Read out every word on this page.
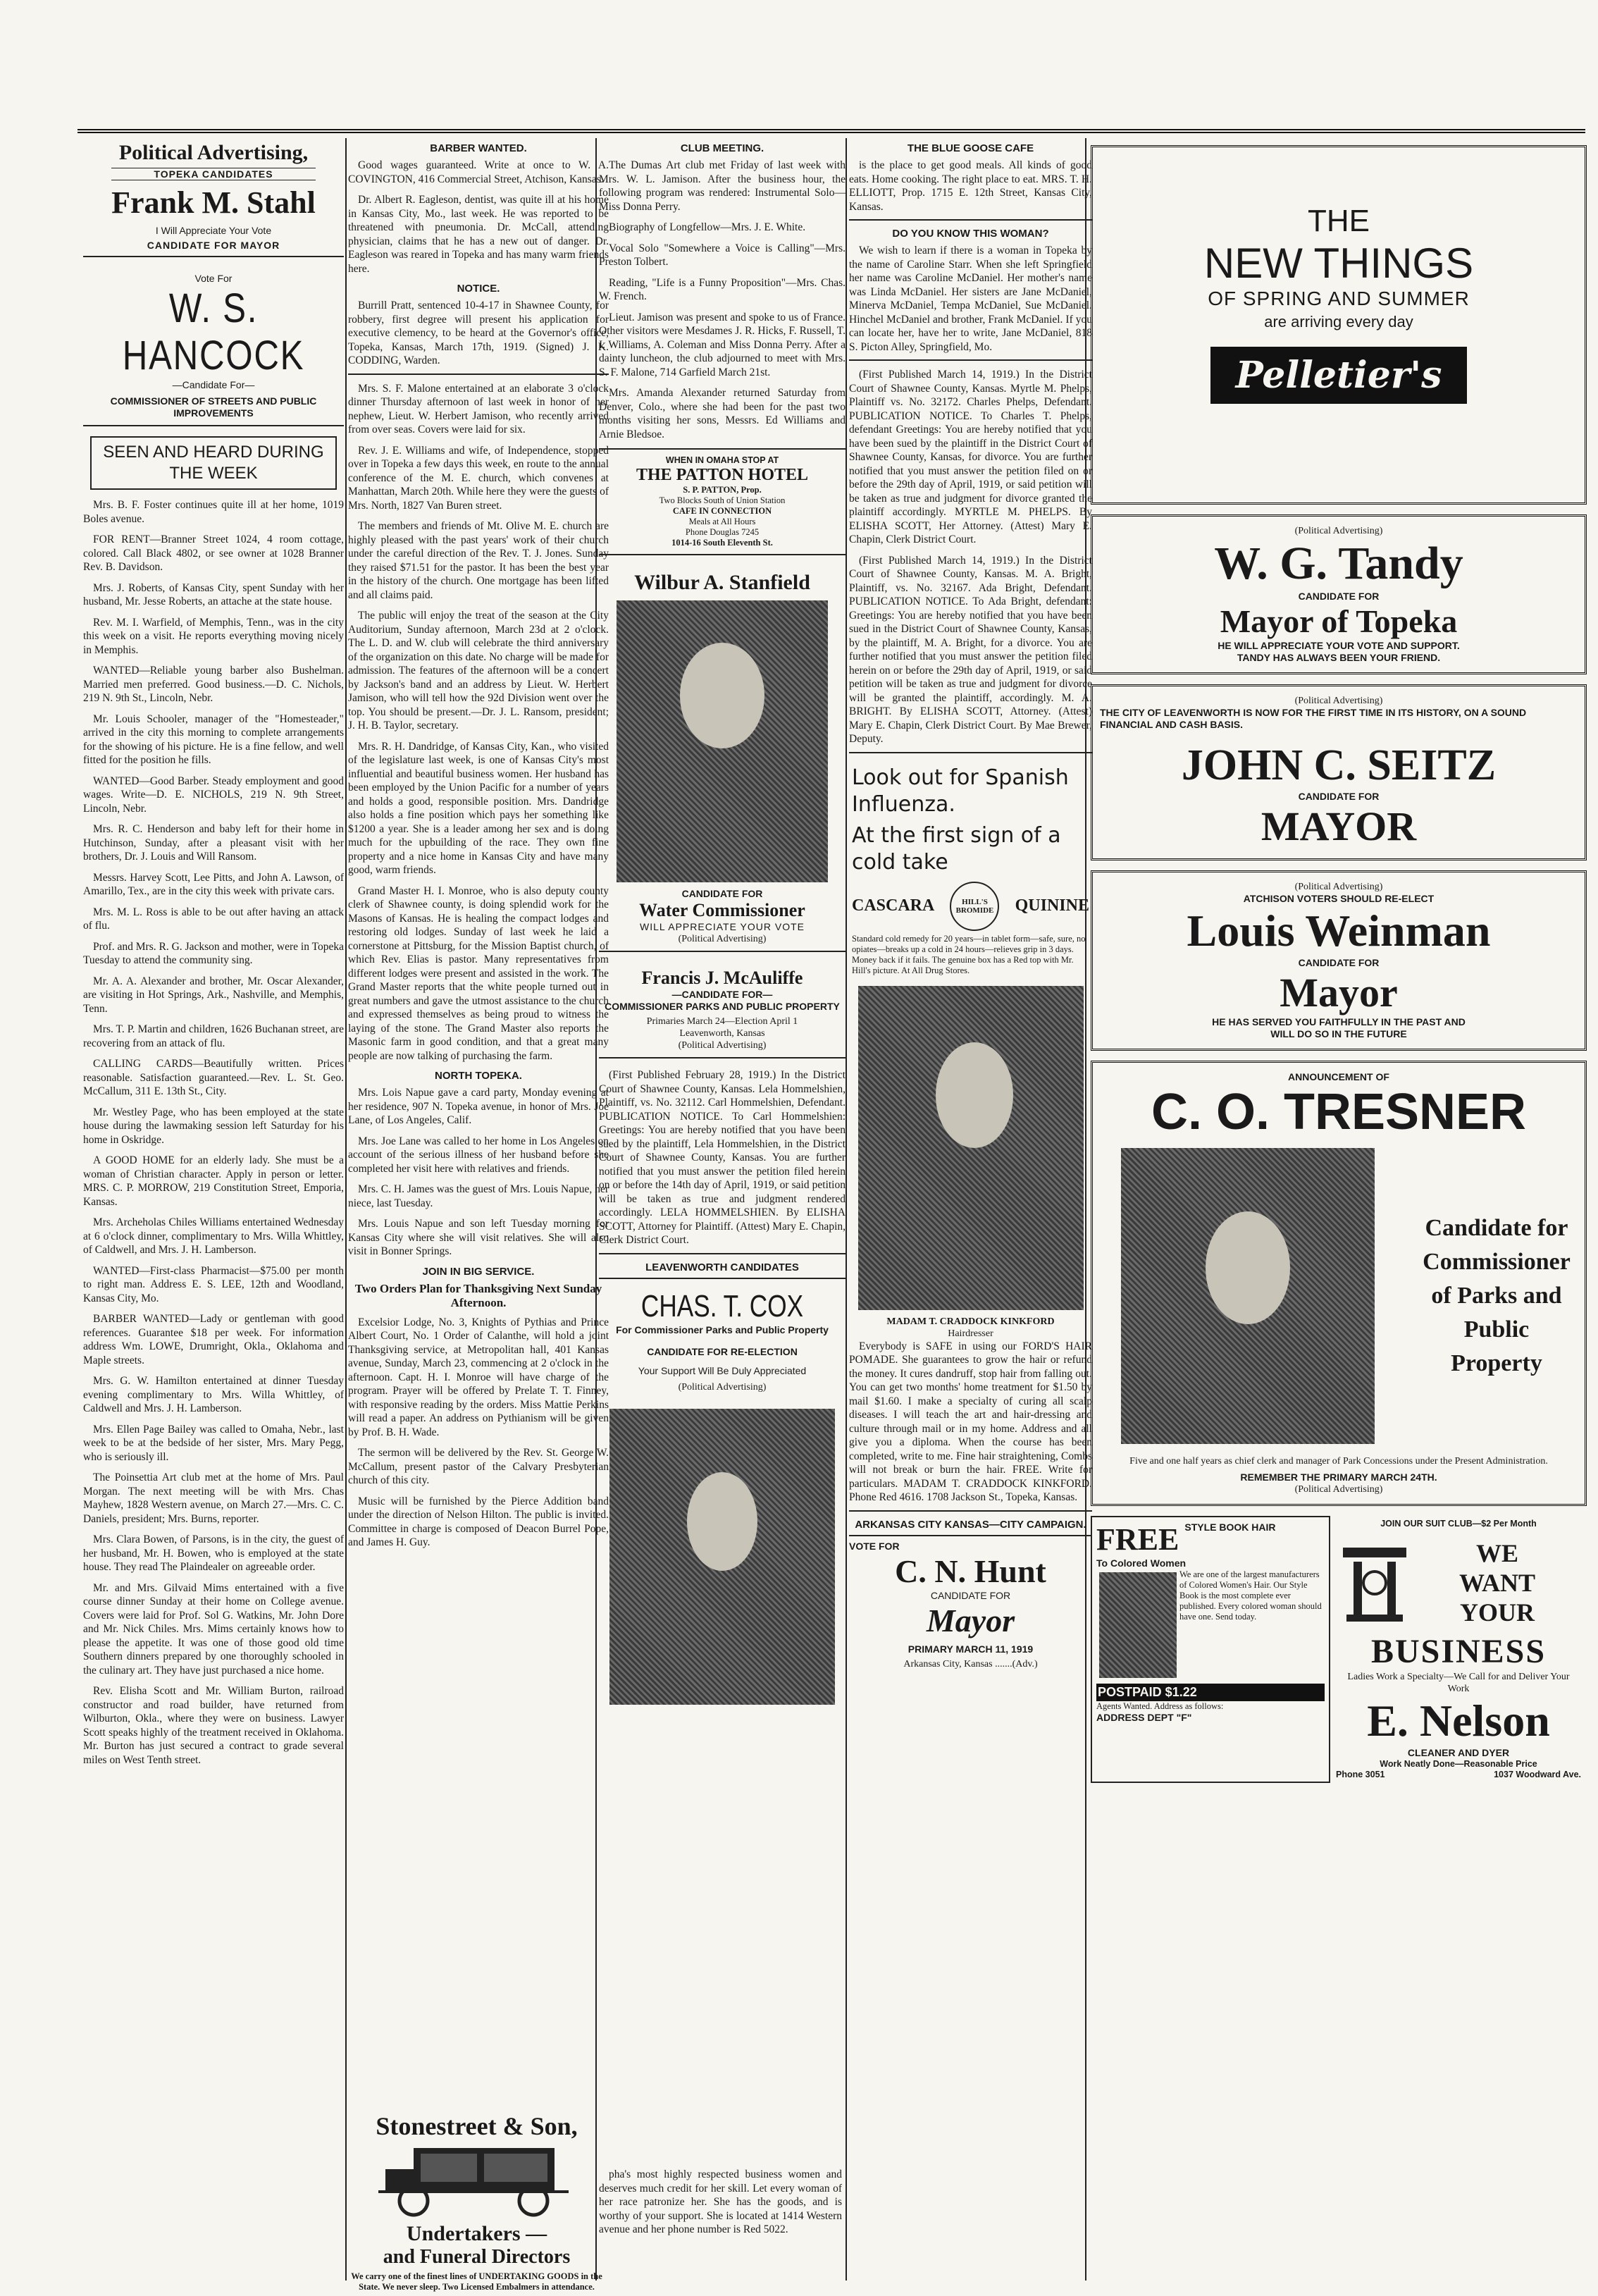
Political Advertising,
TOPEKA CANDIDATES
Frank M. Stahl
I Will Appreciate Your Vote
CANDIDATE FOR MAYOR
Vote For
W. S. HANCOCK
—Candidate For—
COMMISSIONER OF STREETS AND PUBLIC IMPROVEMENTS
SEEN AND HEARD DURING THE WEEK

Mrs. B. F. Foster continues quite ill at her home, 1019 Boles avenue.

FOR RENT—Branner Street 1024, 4 room cottage, colored. Call Black 4802, or see owner at 1028 Branner Rev. B. Davidson.

Mrs. J. Roberts, of Kansas City, spent Sunday with her husband, Mr. Jesse Roberts, an attache at the state house.

Rev. M. I. Warfield, of Memphis, Tenn., was in the city this week on a visit. He reports everything moving nicely in Memphis.

WANTED—Reliable young barber also Bushelman. Married men preferred. Good business.—D. C. Nichols, 219 N. 9th St., Lincoln, Nebr.

Mr. Louis Schooler, manager of the "Homesteader," arrived in the city this morning to complete arrangements for the showing of his picture. He is a fine fellow, and well fitted for the position he fills.

WANTED—Good Barber. Steady employment and good wages. Write—D. E. NICHOLS, 219 N. 9th Street, Lincoln, Nebr.

Mrs. R. C. Henderson and baby left for their home in Hutchinson, Sunday, after a pleasant visit with her brothers, Dr. J. Louis and Will Ransom.

Messrs. Harvey Scott, Lee Pitts, and John A. Lawson, of Amarillo, Tex., are in the city this week with private cars.

Mrs. M. L. Ross is able to be out after having an attack of flu.

Prof. and Mrs. R. G. Jackson and mother, were in Topeka Tuesday to attend the community sing.

Mr. A. A. Alexander and brother, Mr. Oscar Alexander, are visiting in Hot Springs, Ark., Nashville, and Memphis, Tenn.

Mrs. T. P. Martin and children, 1626 Buchanan street, are recovering from an attack of flu.

CALLING CARDS—Beautifully written. Prices reasonable. Satisfaction guaranteed.—Rev. L. St. Geo. McCallum, 311 E. 13th St., City.

Mr. Westley Page, who has been employed at the state house during the lawmaking session left Saturday for his home in Oskridge.

A GOOD HOME for an elderly lady. She must be a woman of Christian character. Apply in person or letter. MRS. C. P. MORROW, 219 Constitution Street, Emporia, Kansas.

Mrs. Archeholas Chiles Williams entertained Wednesday at 6 o'clock dinner, complimentary to Mrs. Willa Whittley, of Caldwell, and Mrs. J. H. Lamberson.

WANTED—First-class Pharmacist—$75.00 per month to right man. Address E. S. LEE, 12th and Woodland, Kansas City, Mo.

BARBER WANTED—Lady or gentleman with good references. Guarantee $18 per week. For information address Wm. LOWE, Drumright, Okla., Oklahoma and Maple streets.

Mrs. G. W. Hamilton entertained at dinner Tuesday evening complimentary to Mrs. Willa Whittley, of Caldwell and Mrs. J. H. Lamberson.

Mrs. Ellen Page Bailey was called to Omaha, Nebr., last week to be at the bedside of her sister, Mrs. Mary Pegg, who is seriously ill.

The Poinsettia Art club met at the home of Mrs. Paul Morgan. The next meeting will be with Mrs. Chas Mayhew, 1828 Western avenue, on March 27.—Mrs. C. C. Daniels, president; Mrs. Burns, reporter.

Mrs. Clara Bowen, of Parsons, is in the city, the guest of her husband, Mr. H. Bowen, who is employed at the state house. They read The Plaindealer on agreeable order.

Mr. and Mrs. Gilvaid Mims entertained with a five course dinner Sunday at their home on College avenue. Covers were laid for Prof. Sol G. Watkins, Mr. John Dore and Mr. Nick Chiles. Mrs. Mims certainly knows how to please the appetite. It was one of those good old time Southern dinners prepared by one thoroughly schooled in the culinary art. They have just purchased a nice home.

Rev. Elisha Scott and Mr. William Burton, railroad constructor and road builder, have returned from Wilburton, Okla., where they were on business. Lawyer Scott speaks highly of the treatment received in Oklahoma. Mr. Burton has just secured a contract to grade several miles on West Tenth street.

BARBER WANTED.

Good wages guaranteed. Write at once to W. A. COVINGTON, 416 Commercial Street, Atchison, Kansas.

Dr. Albert R. Eagleson, dentist, was quite ill at his home in Kansas City, Mo., last week. He was reported to be threatened with pneumonia. Dr. McCall, attending physician, claims that he has a new out of danger. Dr. Eagleson was reared in Topeka and has many warm friends here.

NOTICE.

Burrill Pratt, sentenced 10-4-17 in Shawnee County, for robbery, first degree will present his application for executive clemency, to be heard at the Governor's office, Topeka, Kansas, March 17th, 1919. (Signed) J. K. CODDING, Warden.

Mrs. S. F. Malone entertained at an elaborate 3 o'clock dinner Thursday afternoon of last week in honor of her nephew, Lieut. W. Herbert Jamison, who recently arrived from over seas. Covers were laid for six.

Rev. J. E. Williams and wife, of Independence, stopped over in Topeka a few days this week, en route to the annual conference of the M. E. church, which convenes at Manhattan, March 20th. While here they were the guests of Mrs. North, 1827 Van Buren street.

The members and friends of Mt. Olive M. E. church are highly pleased with the past years' work of their church under the careful direction of the Rev. T. J. Jones. Sunday they raised $71.51 for the pastor. It has been the best year in the history of the church. One mortgage has been lifted and all claims paid.

The public will enjoy the treat of the season at the City Auditorium, Sunday afternoon, March 23d at 2 o'clock. The L. D. and W. club will celebrate the third anniversary of the organization on this date. No charge will be made for admission. The features of the afternoon will be a concert by Jackson's band and an address by Lieut. W. Herbert Jamison, who will tell how the 92d Division went over the top. You should be present.—Dr. J. L. Ransom, president; J. H. B. Taylor, secretary.

Mrs. R. H. Dandridge, of Kansas City, Kan., who visited of the legislature last week, is one of Kansas City's most influential and beautiful business women. Her husband has been employed by the Union Pacific for a number of years and holds a good, responsible position. Mrs. Dandridge also holds a fine position which pays her something like $1200 a year. She is a leader among her sex and is doing much for the upbuilding of the race. They own fine property and a nice home in Kansas City and have many good, warm friends.

Grand Master H. I. Monroe, who is also deputy county clerk of Shawnee county, is doing splendid work for the Masons of Kansas. He is healing the compact lodges and restoring old lodges. Sunday of last week he laid a cornerstone at Pittsburg, for the Mission Baptist church, of which Rev. Elias is pastor. Many representatives from different lodges were present and assisted in the work. The Grand Master reports that the white people turned out in great numbers and gave the utmost assistance to the church and expressed themselves as being proud to witness the laying of the stone. The Grand Master also reports the Masonic farm in good condition, and that a great many people are now talking of purchasing the farm.

NORTH TOPEKA.

Mrs. Lois Napue gave a card party, Monday evening at her residence, 907 N. Topeka avenue, in honor of Mrs. Joe Lane, of Los Angeles, Calif.

Mrs. Joe Lane was called to her home in Los Angeles on account of the serious illness of her husband before she completed her visit here with relatives and friends.

Mrs. C. H. James was the guest of Mrs. Louis Napue, her niece, last Tuesday.

Mrs. Louis Napue and son left Tuesday morning for Kansas City where she will visit relatives. She will also visit in Bonner Springs.

JOIN IN BIG SERVICE.
Two Orders Plan for Thanksgiving Next Sunday Afternoon.

Excelsior Lodge, No. 3, Knights of Pythias and Prince Albert Court, No. 1 Order of Calanthe, will hold a joint Thanksgiving service, at Metropolitan hall, 401 Kansas avenue, Sunday, March 23, commencing at 2 o'clock in the afternoon. Capt. H. I. Monroe will have charge of the program. Prayer will be offered by Prelate T. T. Finney, with responsive reading by the orders. Miss Mattie Perkins will read a paper. An address on Pythianism will be given by Prof. B. H. Wade.

The sermon will be delivered by the Rev. St. George W. McCallum, present pastor of the Calvary Presbyterian church of this city.

Music will be furnished by the Pierce Addition band under the direction of Nelson Hilton. The public is invited. Committee in charge is composed of Deacon Burrel Pope, and James H. Guy.

Stonestreet & Son,
Undertakers —
and Funeral Directors
We carry one of the finest lines of UNDERTAKING GOODS in the State. We never sleep. Two Licensed Embalmers in attendance.
CLUB MEETING.

The Dumas Art club met Friday of last week with Mrs. W. L. Jamison. After the business hour, the following program was rendered: Instrumental Solo—Miss Donna Perry.

Biography of Longfellow—Mrs. J. E. White.

Vocal Solo "Somewhere a Voice is Calling"—Mrs. Preston Tolbert.

Reading, "Life is a Funny Proposition"—Mrs. Chas. W. French.

Lieut. Jamison was present and spoke to us of France. Other visitors were Mesdames J. R. Hicks, F. Russell, T. I. Williams, A. Coleman and Miss Donna Perry. After a dainty luncheon, the club adjourned to meet with Mrs. S. F. Malone, 714 Garfield March 21st.

Mrs. Amanda Alexander returned Saturday from Denver, Colo., where she had been for the past two months visiting her sons, Messrs. Ed Williams and Arnie Bledsoe.

WHEN IN OMAHA STOP AT
THE PATTON HOTEL
S. P. PATTON, Prop.
Two Blocks South of Union Station
CAFE IN CONNECTION
Meals at All Hours
Phone Douglas 7245
1014-16 South Eleventh St.
Wilbur A. Stanfield
CANDIDATE FOR
Water Commissioner
WILL APPRECIATE YOUR VOTE
(Political Advertising)
Francis J. McAuliffe
—CANDIDATE FOR—
COMMISSIONER PARKS AND PUBLIC PROPERTY
Primaries March 24—Election April 1
Leavenworth, Kansas
(Political Advertising)

(First Published February 28, 1919.) In the District Court of Shawnee County, Kansas. Lela Hommelshien, Plaintiff, vs. No. 32112. Carl Hommelshien, Defendant. PUBLICATION NOTICE. To Carl Hommelshien: Greetings: You are hereby notified that you have been sued by the plaintiff, Lela Hommelshien, in the District Court of Shawnee County, Kansas. You are further notified that you must answer the petition filed herein on or before the 14th day of April, 1919, or said petition will be taken as true and judgment rendered accordingly. LELA HOMMELSHIEN. By ELISHA SCOTT, Attorney for Plaintiff. (Attest) Mary E. Chapin, Clerk District Court.

LEAVENWORTH CANDIDATES
CHAS. T. COX
For Commissioner Parks and Public Property
CANDIDATE FOR RE-ELECTION
Your Support Will Be Duly Appreciated
(Political Advertising)

pha's most highly respected business women and deserves much credit for her skill. Let every woman of her race patronize her. She has the goods, and is worthy of your support. She is located at 1414 Western avenue and her phone number is Red 5022.

THE BLUE GOOSE CAFE

is the place to get good meals. All kinds of good eats. Home cooking. The right place to eat. MRS. T. H. ELLIOTT, Prop. 1715 E. 12th Street, Kansas City, Kansas.

DO YOU KNOW THIS WOMAN?

We wish to learn if there is a woman in Topeka by the name of Caroline Starr. When she left Springfield her name was Caroline McDaniel. Her mother's name was Linda McDaniel. Her sisters are Jane McDaniel, Minerva McDaniel, Tempa McDaniel, Sue McDaniel. Hinchel McDaniel and brother, Frank McDaniel. If you can locate her, have her to write, Jane McDaniel, 818 S. Picton Alley, Springfield, Mo.

(First Published March 14, 1919.) In the District Court of Shawnee County, Kansas. Myrtle M. Phelps, Plaintiff vs. No. 32172. Charles Phelps, Defendant. PUBLICATION NOTICE. To Charles T. Phelps, defendant Greetings: You are hereby notified that you have been sued by the plaintiff in the District Court of Shawnee County, Kansas, for divorce. You are further notified that you must answer the petition filed on or before the 29th day of April, 1919, or said petition will be taken as true and judgment for divorce granted the plaintiff accordingly. MYRTLE M. PHELPS. By ELISHA SCOTT, Her Attorney. (Attest) Mary E. Chapin, Clerk District Court.

(First Published March 14, 1919.) In the District Court of Shawnee County, Kansas. M. A. Bright, Plaintiff, vs. No. 32167. Ada Bright, Defendant. PUBLICATION NOTICE. To Ada Bright, defendant: Greetings: You are hereby notified that you have been sued in the District Court of Shawnee County, Kansas, by the plaintiff, M. A. Bright, for a divorce. You are further notified that you must answer the petition filed herein on or before the 29th day of April, 1919, or said petition will be taken as true and judgment for divorce will be granted the plaintiff, accordingly. M. A. BRIGHT. By ELISHA SCOTT, Attorney. (Attest) Mary E. Chapin, Clerk District Court. By Mae Brewer, Deputy.

Look out for Spanish Influenza.
At the first sign of a cold take
CASCARA	HILL'S
BROMIDE QUININE
Standard cold remedy for 20 years—in tablet form—safe, sure, no opiates—breaks up a cold in 24 hours—relieves grip in 3 days. Money back if it fails. The genuine box has a Red top with Mr. Hill's picture. At All Drug Stores.
MADAM T. CRADDOCK KINKFORD
Hairdresser

Everybody is SAFE in using our FORD'S HAIR POMADE. She guarantees to grow the hair or refund the money. It cures dandruff, stop hair from falling out. You can get two months' home treatment for $1.50 by mail $1.60. I make a specialty of curing all scalp diseases. I will teach the art and hair-dressing and culture through mail or in my home. Address and all give you a diploma. When the course has been completed, write to me. Fine hair straightening, Combs will not break or burn the hair. FREE. Write for particulars. MADAM T. CRADDOCK KINKFORD. Phone Red 4616. 1708 Jackson St., Topeka, Kansas.

ARKANSAS CITY KANSAS—CITY CAMPAIGN.
VOTE FOR
C. N. Hunt
CANDIDATE FOR
Mayor
PRIMARY MARCH 11, 1919
Arkansas City, Kansas .......(Adv.)
THE
NEW THINGS
OF SPRING AND SUMMER
are arriving every day
Pelletier's
(Political Advertising)
W. G. Tandy
CANDIDATE FOR
Mayor of Topeka
HE WILL APPRECIATE YOUR VOTE AND SUPPORT.
TANDY HAS ALWAYS BEEN YOUR FRIEND.
(Political Advertising)
THE CITY OF LEAVENWORTH IS NOW FOR THE FIRST TIME IN ITS HISTORY, ON A SOUND FINANCIAL AND CASH BASIS.
JOHN C. SEITZ
CANDIDATE FOR
MAYOR
(Political Advertising)
ATCHISON VOTERS SHOULD RE-ELECT
Louis Weinman
CANDIDATE FOR
Mayor
HE HAS SERVED YOU FAITHFULLY IN THE PAST AND
WILL DO SO IN THE FUTURE
ANNOUNCEMENT OF
C. O. TRESNER
Candidate for Commissioner of Parks and Public Property
Five and one half years as chief clerk and manager of Park Concessions under the Present Administration.
REMEMBER THE PRIMARY MARCH 24TH.
(Political Advertising)
FREE STYLE BOOK HAIR
To Colored Women
We are one of the largest manufacturers of Colored Women's Hair. Our Style Book is the most complete ever published. Every colored woman should have one. Send today.
POSTPAID $1.22
Agents Wanted. Address as follows:
ADDRESS DEPT "F"
JOIN OUR SUIT CLUB—$2 Per Month
WE
WANT
YOUR
BUSINESS
Ladies Work a Specialty—We Call for and Deliver Your Work
E. Nelson
CLEANER AND DYER
Work Neatly Done—Reasonable Price
Phone 3051	1037 Woodward Ave.
